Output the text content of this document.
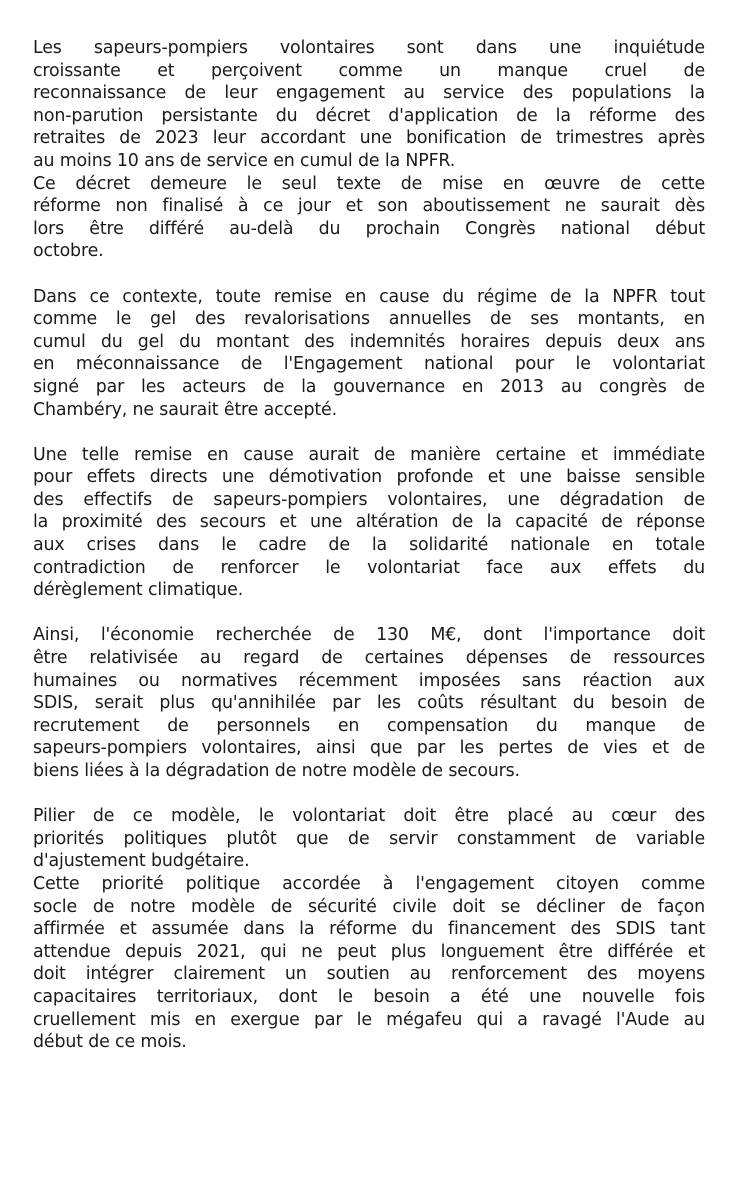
Les sapeurs-pompiers volontaires sont dans une inquiétude
croissante et perçoivent comme un manque cruel de
reconnaissance de leur engagement au service des populations la
non-parution persistante du décret d'application de la réforme des
retraites de 2023 leur accordant une bonification de trimestres après
au moins 10 ans de service en cumul de la NPFR.
Ce décret demeure le seul texte de mise en œuvre de cette
réforme non finalisé à ce jour et son aboutissement ne saurait dès
lors être différé au-delà du prochain Congrès national début
octobre.
Dans ce contexte, toute remise en cause du régime de la NPFR tout
comme le gel des revalorisations annuelles de ses montants, en
cumul du gel du montant des indemnités horaires depuis deux ans
en méconnaissance de l'Engagement national pour le volontariat
signé par les acteurs de la gouvernance en 2013 au congrès de
Chambéry, ne saurait être accepté.
Une telle remise en cause aurait de manière certaine et immédiate
pour effets directs une démotivation profonde et une baisse sensible
des effectifs de sapeurs-pompiers volontaires, une dégradation de
la proximité des secours et une altération de la capacité de réponse
aux crises dans le cadre de la solidarité nationale en totale
contradiction de renforcer le volontariat face aux effets du
dérèglement climatique.
Ainsi, l'économie recherchée de 130 M€, dont l'importance doit
être relativisée au regard de certaines dépenses de ressources
humaines ou normatives récemment imposées sans réaction aux
SDIS, serait plus qu'annihilée par les coûts résultant du besoin de
recrutement de personnels en compensation du manque de
sapeurs-pompiers volontaires, ainsi que par les pertes de vies et de
biens liées à la dégradation de notre modèle de secours.
Pilier de ce modèle, le volontariat doit être placé au cœur des
priorités politiques plutôt que de servir constamment de variable
d'ajustement budgétaire.
Cette priorité politique accordée à l'engagement citoyen comme
socle de notre modèle de sécurité civile doit se décliner de façon
affirmée et assumée dans la réforme du financement des SDIS tant
attendue depuis 2021, qui ne peut plus longuement être différée et
doit intégrer clairement un soutien au renforcement des moyens
capacitaires territoriaux, dont le besoin a été une nouvelle fois
cruellement mis en exergue par le mégafeu qui a ravagé l'Aude au
début de ce mois.
